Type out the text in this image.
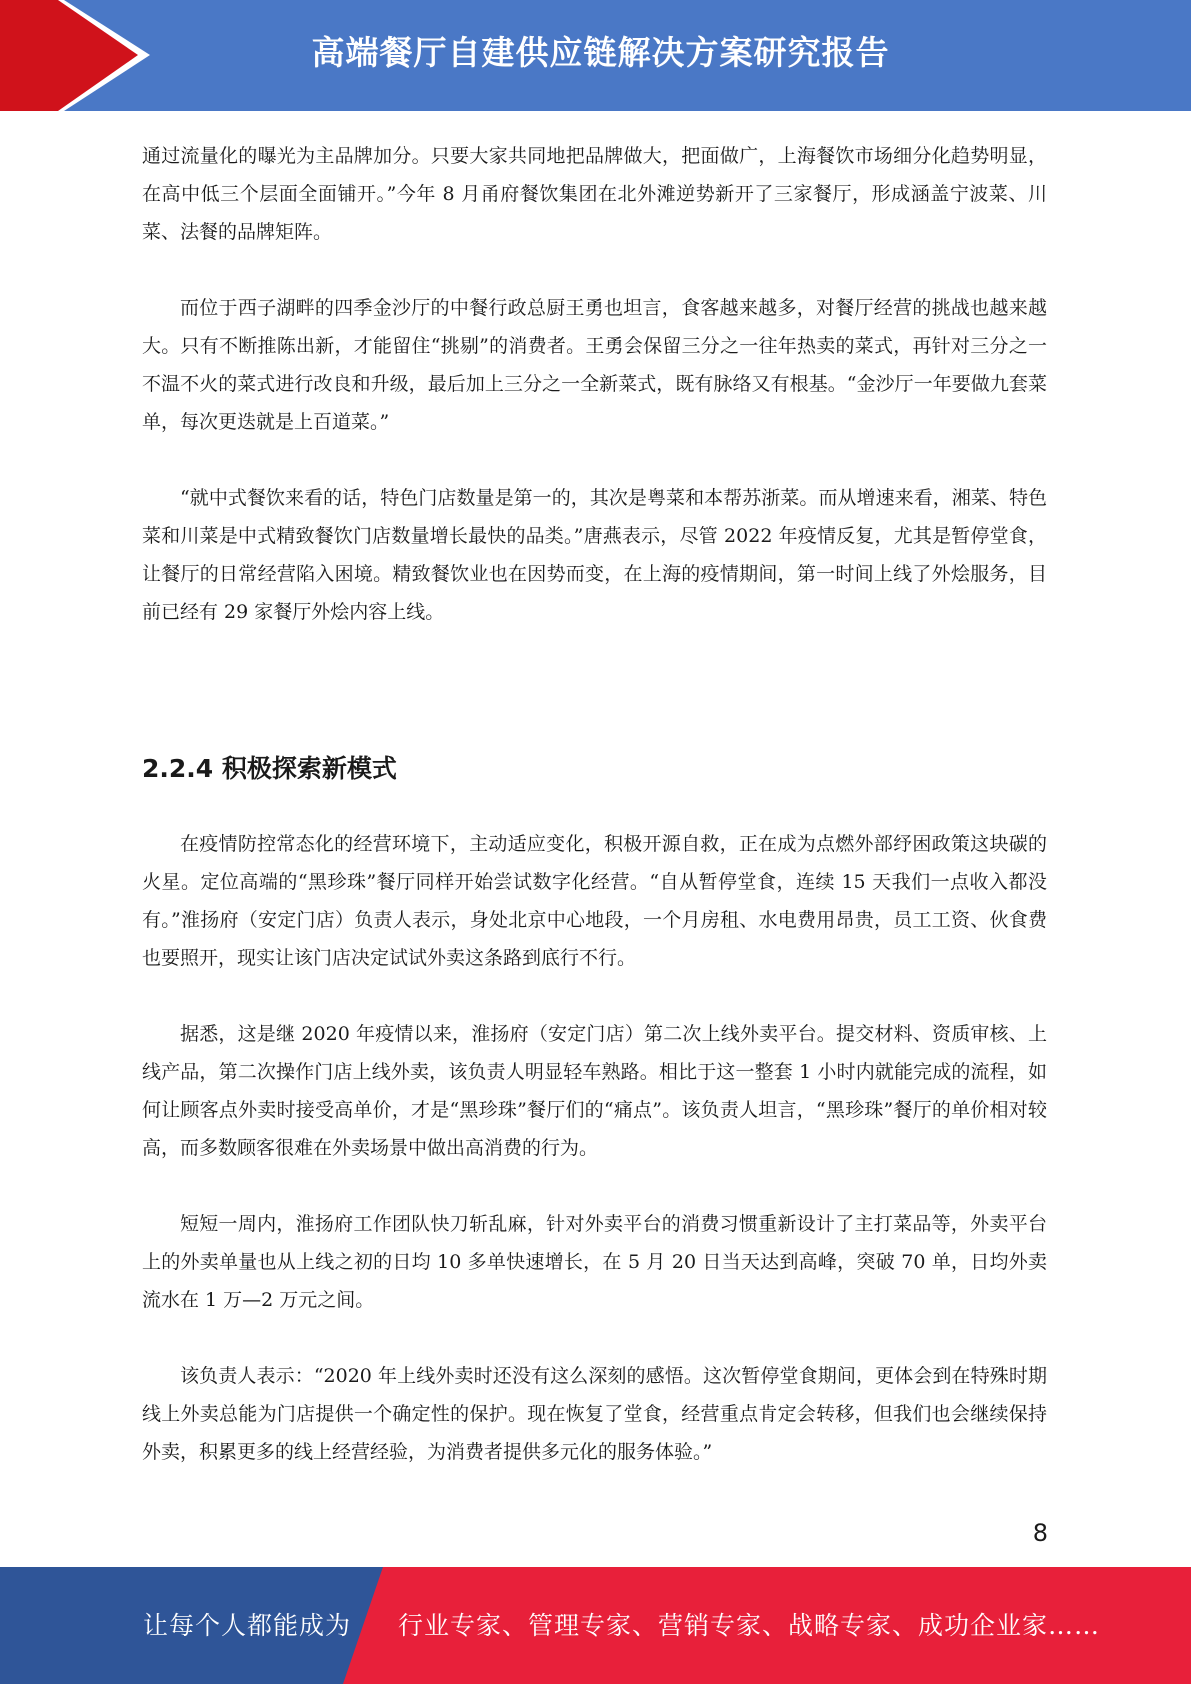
高端餐厅自建供应链解决方案研究报告

通过流量化的曝光为主品牌加分。只要大家共同地把品牌做大，把面做广，上海餐饮市场细分化趋势明显，在高中低三个层面全面铺开。”今年 8 月甬府餐饮集团在北外滩逆势新开了三家餐厅，形成涵盖宁波菜、川菜、法餐的品牌矩阵。

而位于西子湖畔的四季金沙厅的中餐行政总厨王勇也坦言，食客越来越多，对餐厅经营的挑战也越来越大。只有不断推陈出新，才能留住“挑剔”的消费者。王勇会保留三分之一往年热卖的菜式，再针对三分之一不温不火的菜式进行改良和升级，最后加上三分之一全新菜式，既有脉络又有根基。“金沙厅一年要做九套菜单，每次更迭就是上百道菜。”

“就中式餐饮来看的话，特色门店数量是第一的，其次是粤菜和本帮苏浙菜。而从增速来看，湘菜、特色菜和川菜是中式精致餐饮门店数量增长最快的品类。”唐燕表示，尽管 2022 年疫情反复，尤其是暂停堂食，让餐厅的日常经营陷入困境。精致餐饮业也在因势而变，在上海的疫情期间，第一时间上线了外烩服务，目前已经有 29 家餐厅外烩内容上线。

2.2.4 积极探索新模式

在疫情防控常态化的经营环境下，主动适应变化，积极开源自救，正在成为点燃外部纾困政策这块碳的火星。定位高端的“黑珍珠”餐厅同样开始尝试数字化经营。“自从暂停堂食，连续 15 天我们一点收入都没有。”淮扬府（安定门店）负责人表示，身处北京中心地段，一个月房租、水电费用昂贵，员工工资、伙食费也要照开，现实让该门店决定试试外卖这条路到底行不行。

据悉，这是继 2020 年疫情以来，淮扬府（安定门店）第二次上线外卖平台。提交材料、资质审核、上线产品，第二次操作门店上线外卖，该负责人明显轻车熟路。相比于这一整套 1 小时内就能完成的流程，如何让顾客点外卖时接受高单价，才是“黑珍珠”餐厅们的“痛点”。该负责人坦言，“黑珍珠”餐厅的单价相对较高，而多数顾客很难在外卖场景中做出高消费的行为。

短短一周内，淮扬府工作团队快刀斩乱麻，针对外卖平台的消费习惯重新设计了主打菜品等，外卖平台上的外卖单量也从上线之初的日均 10 多单快速增长，在 5 月 20 日当天达到高峰，突破 70 单，日均外卖流水在 1 万—2 万元之间。

该负责人表示：“2020 年上线外卖时还没有这么深刻的感悟。这次暂停堂食期间，更体会到在特殊时期线上外卖总能为门店提供一个确定性的保护。现在恢复了堂食，经营重点肯定会转移，但我们也会继续保持外卖，积累更多的线上经营经验，为消费者提供多元化的服务体验。”

8
让每个人都能成为 行业专家、管理专家、营销专家、战略专家、成功企业家……
